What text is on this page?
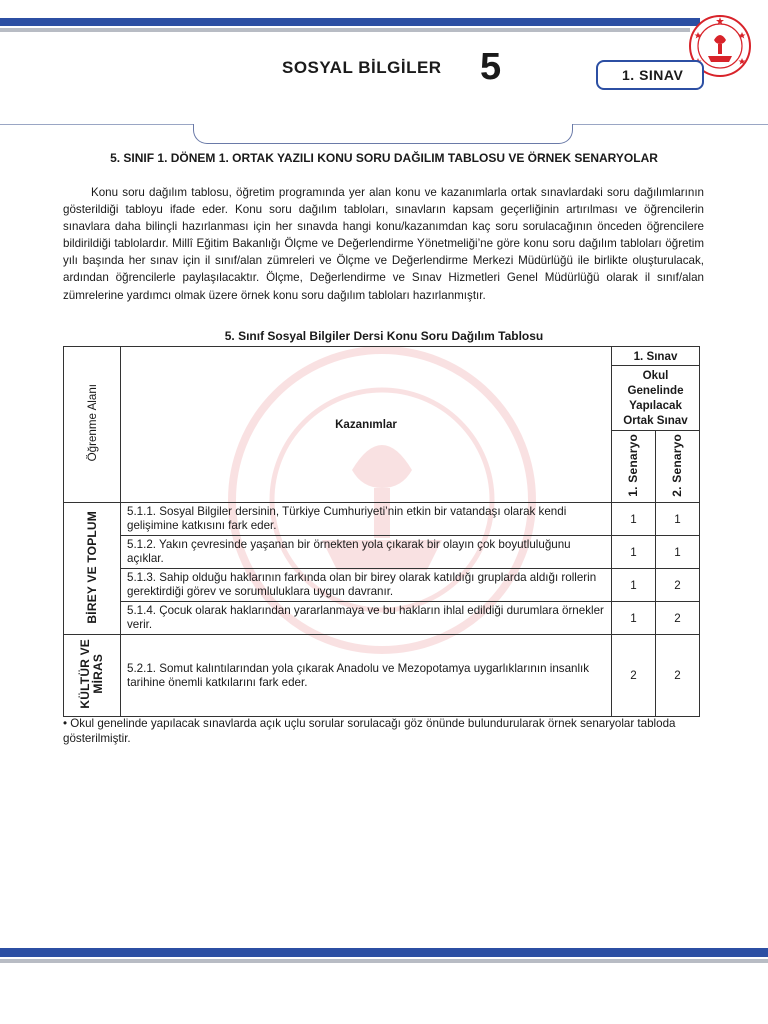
SOSYAL BİLGİLER 5	1. SINAV
5. SINIF 1. DÖNEM 1. ORTAK YAZILI KONU SORU DAĞILIM TABLOSU VE ÖRNEK SENARYOLAR

Konu soru dağılım tablosu, öğretim programında yer alan konu ve kazanımlarla ortak sınavlardaki soru dağılımlarının gösterildiği tabloyu ifade eder. Konu soru dağılım tabloları, sınavların kapsam geçerliğinin artırılması ve öğrencilerin sınavlara daha bilinçli hazırlanması için her sınavda hangi konu/kazanımdan kaç soru sorulacağının önceden öğrencilere bildirildiği tablolardır. Millî Eğitim Bakanlığı Ölçme ve Değerlendirme Yönetmeliği’ne göre konu soru dağılım tabloları öğretim yılı başında her sınav için il sınıf/alan zümreleri ve Ölçme ve Değerlendirme Merkezi Müdürlüğü ile birlikte oluşturulacak, ardından öğrencilerle paylaşılacaktır. Ölçme, Değerlendirme ve Sınav Hizmetleri Genel Müdürlüğü olarak il sınıf/alan zümrelerine yardımcı olmak üzere örnek konu soru dağılım tabloları hazırlanmıştır.

5. Sınıf Sosyal Bilgiler Dersi Konu Soru Dağılım Tablosu
Öğrenme Alanı	Kazanımlar	1. Sınav	
		Okul Genelinde Yapılacak Ortak Sınav	
		1. Senaryo	2. Senaryo
BİREY VE TOPLUM	5.1.1. Sosyal Bilgiler dersinin, Türkiye Cumhuriyeti’nin etkin bir vatandaşı olarak kendi gelişimine katkısını fark eder.	1	1
	5.1.2. Yakın çevresinde yaşanan bir örnekten yola çıkarak bir olayın çok boyutluluğunu açıklar.	1	1
	5.1.3. Sahip olduğu haklarının farkında olan bir birey olarak katıldığı gruplarda aldığı rollerin gerektirdiği görev ve sorumluluklara uygun davranır.	1	2
	5.1.4. Çocuk olarak haklarından yararlanmaya ve bu hakların ihlal edildiği durumlara örnekler verir.	1	2
KÜLTÜR VE
MİRAS	5.2.1. Somut kalıntılarından yola çıkarak Anadolu ve Mezopotamya uygarlıklarının insanlık tarihine önemli katkılarını fark eder.	2	2

• Okul genelinde yapılacak sınavlarda açık uçlu sorular sorulacağı göz önünde bulundurularak örnek senaryolar tabloda gösterilmiştir.
